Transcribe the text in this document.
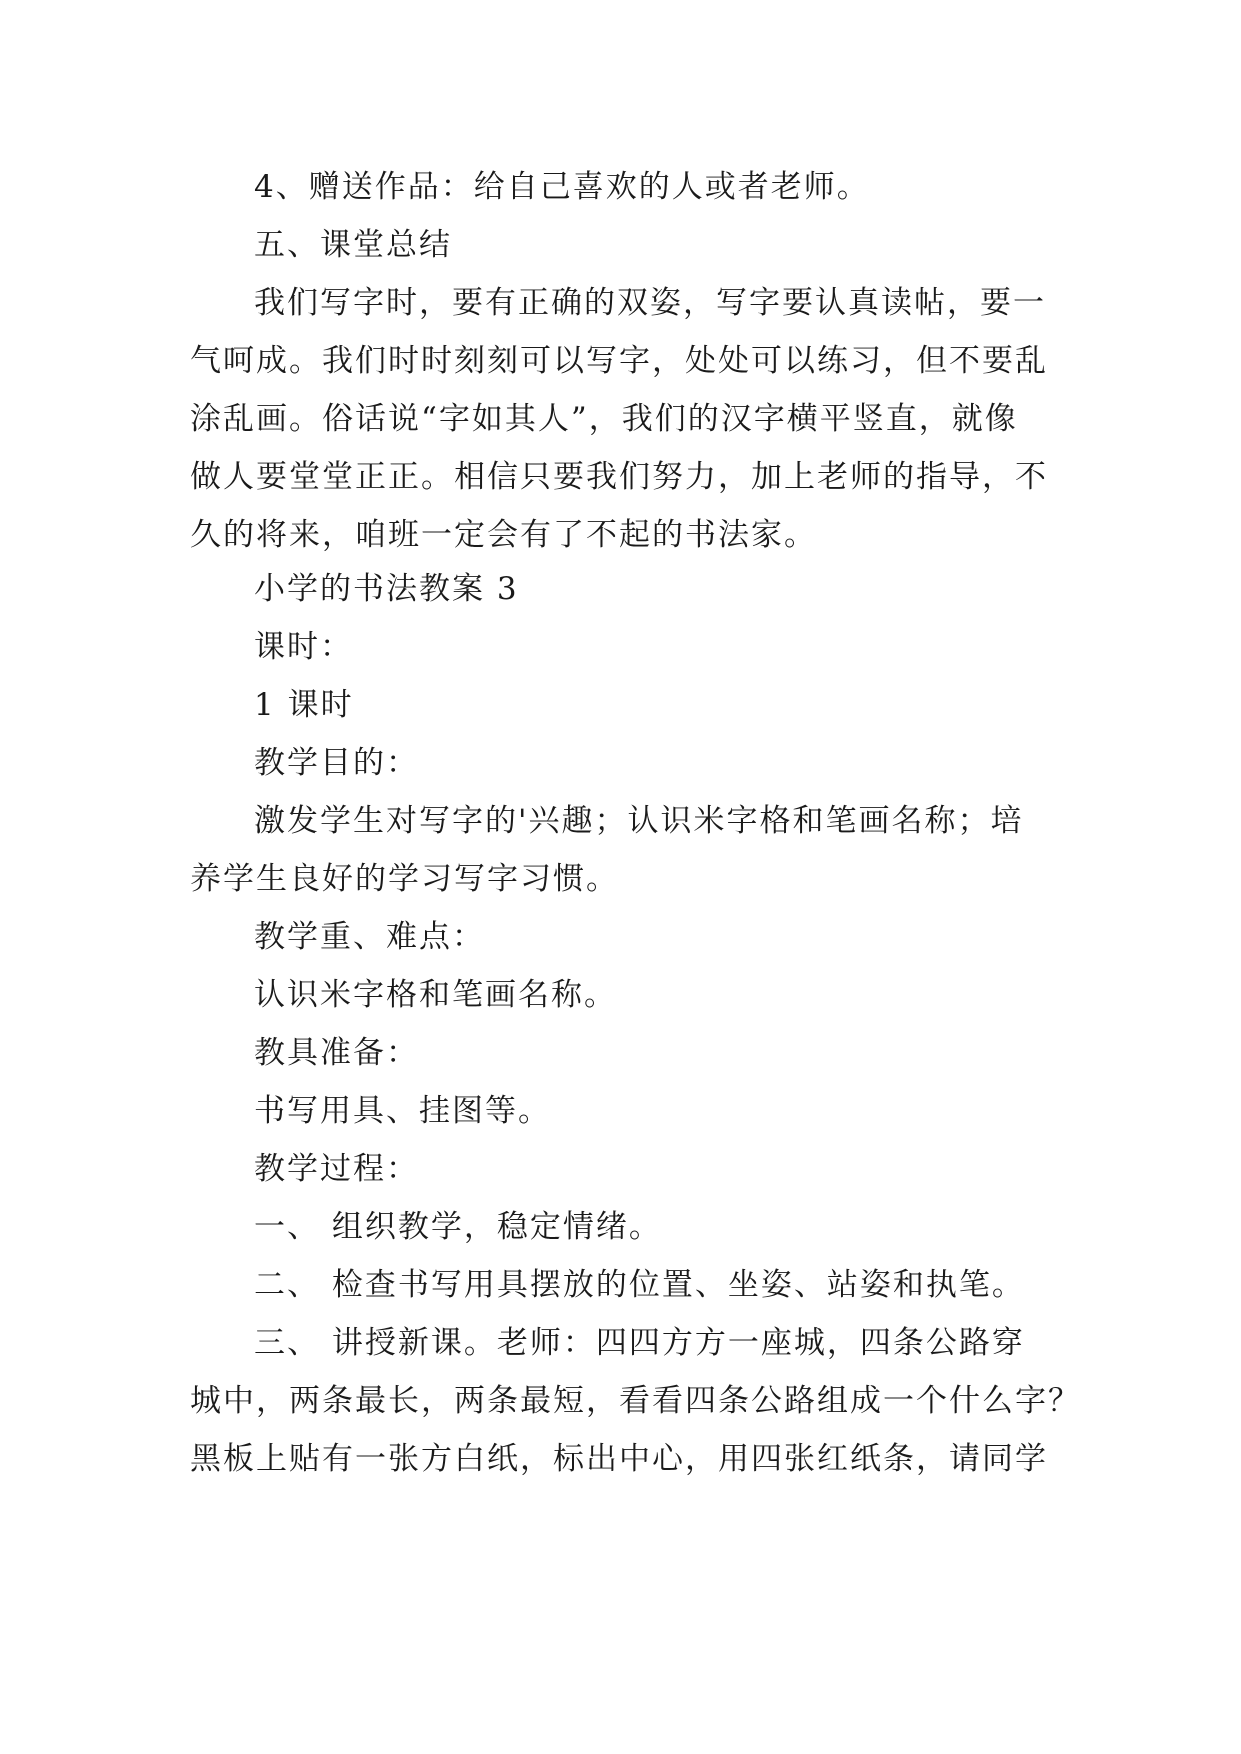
4、赠送作品：给自己喜欢的人或者老师。

五、课堂总结

我们写字时，要有正确的双姿，写字要认真读帖，要一

气呵成。我们时时刻刻可以写字，处处可以练习，但不要乱

涂乱画。俗话说“字如其人”，我们的汉字横平竖直，就像

做人要堂堂正正。相信只要我们努力，加上老师的指导，不

久的将来，咱班一定会有了不起的书法家。

小学的书法教案 3

课时：

1 课时

教学目的：

激发学生对写字的'兴趣；认识米字格和笔画名称；培

养学生良好的学习写字习惯。

教学重、难点：

认识米字格和笔画名称。

教具准备：

书写用具、挂图等。

教学过程：

一、 组织教学，稳定情绪。

二、 检查书写用具摆放的位置、坐姿、站姿和执笔。

三、 讲授新课。老师：四四方方一座城，四条公路穿

城中，两条最长，两条最短，看看四条公路组成一个什么字？

黑板上贴有一张方白纸，标出中心，用四张红纸条，请同学
